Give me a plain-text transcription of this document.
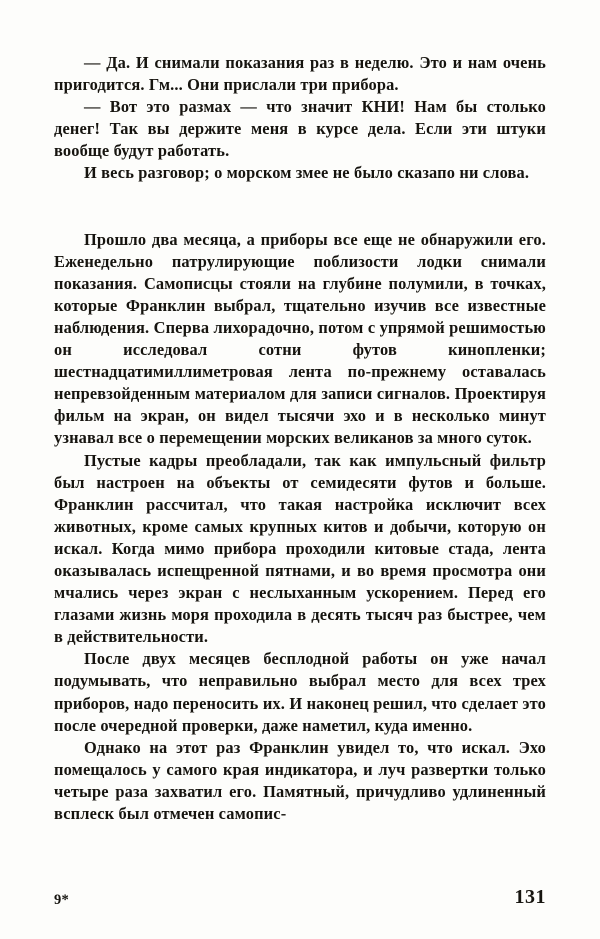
— Да. И снимали показания раз в неделю. Это и нам очень пригодится. Гм... Они прислали три прибора.

— Вот это размах — что значит КНИ! Нам бы столько денег! Так вы держите меня в курсе дела. Если эти штуки вообще будут работать.

И весь разговор; о морском змее не было сказапо ни слова.

Прошло два месяца, а приборы все еще не обнаружили его. Еженедельно патрулирующие поблизости лодки снимали показания. Самописцы стояли на глубине полумили, в точках, которые Франклин выбрал, тщательно изучив все известные наблюдения. Сперва лихорадочно, потом с упрямой решимостью он исследовал сотни футов кинопленки; шестнадцатимиллиметровая лента по-прежнему оставалась непревзойденным материалом для записи сигналов. Проектируя фильм на экран, он видел тысячи эхо и в несколько минут узнавал все о перемещении морских великанов за много суток.

Пустые кадры преобладали, так как импульсный фильтр был настроен на объекты от семидесяти футов и больше. Франклин рассчитал, что такая настройка исключит всех животных, кроме самых крупных китов и добычи, которую он искал. Когда мимо прибора проходили китовые стада, лента оказывалась испещренной пятнами, и во время просмотра они мчались через экран с неслыханным ускорением. Перед его глазами жизнь моря проходила в десять тысяч раз быстрее, чем в действительности.

После двух месяцев бесплодной работы он уже начал подумывать, что неправильно выбрал место для всех трех приборов, надо переносить их. И наконец решил, что сделает это после очередной проверки, даже наметил, куда именно.

Однако на этот раз Франклин увидел то, что искал. Эхо помещалось у самого края индикатора, и луч развертки только четыре раза захватил его. Памятный, причудливо удлиненный всплеск был отмечен самопис-

9*	131
